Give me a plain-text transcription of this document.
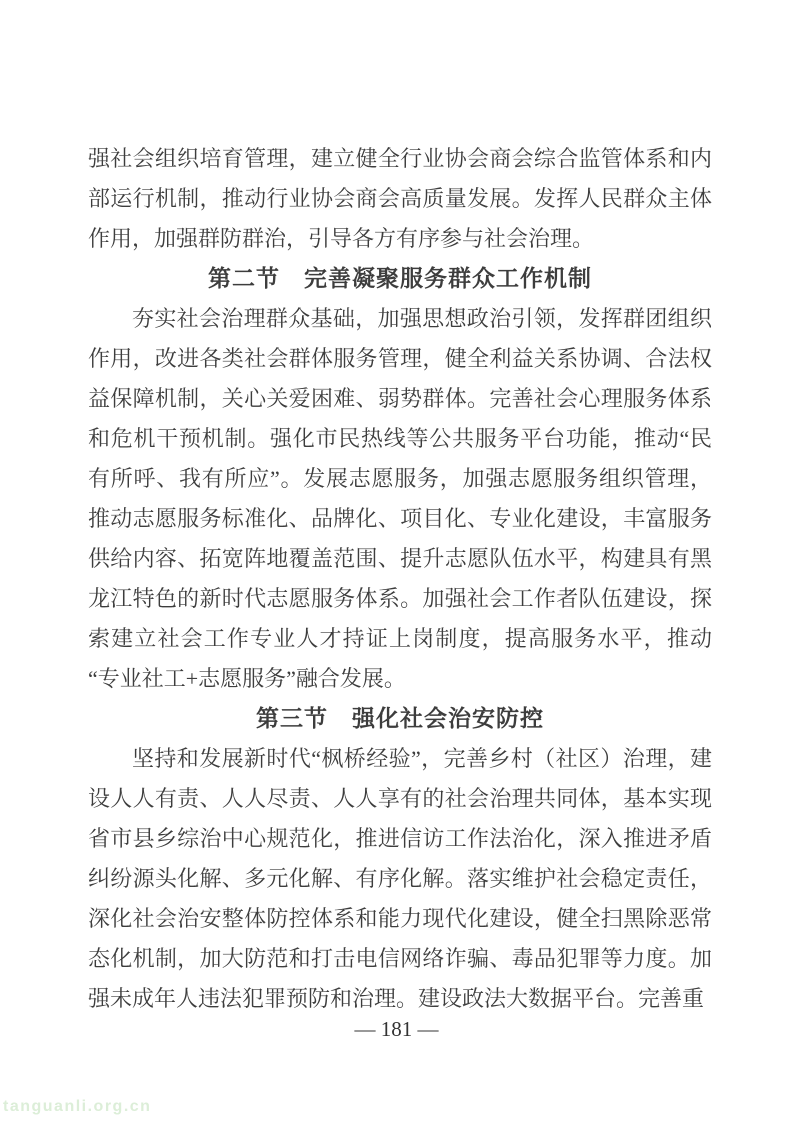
强社会组织培育管理，建立健全行业协会商会综合监管体系和内部运行机制，推动行业协会商会高质量发展。发挥人民群众主体作用，加强群防群治，引导各方有序参与社会治理。

第二节　完善凝聚服务群众工作机制

夯实社会治理群众基础，加强思想政治引领，发挥群团组织作用，改进各类社会群体服务管理，健全利益关系协调、合法权益保障机制，关心关爱困难、弱势群体。完善社会心理服务体系和危机干预机制。强化市民热线等公共服务平台功能，推动“民有所呼、我有所应”。发展志愿服务，加强志愿服务组织管理，推动志愿服务标准化、品牌化、项目化、专业化建设，丰富服务供给内容、拓宽阵地覆盖范围、提升志愿队伍水平，构建具有黑龙江特色的新时代志愿服务体系。加强社会工作者队伍建设，探索建立社会工作专业人才持证上岗制度，提高服务水平，推动“专业社工+志愿服务”融合发展。

第三节　强化社会治安防控

坚持和发展新时代“枫桥经验”，完善乡村（社区）治理，建设人人有责、人人尽责、人人享有的社会治理共同体，基本实现省市县乡综治中心规范化，推进信访工作法治化，深入推进矛盾纠纷源头化解、多元化解、有序化解。落实维护社会稳定责任，深化社会治安整体防控体系和能力现代化建设，健全扫黑除恶常态化机制，加大防范和打击电信网络诈骗、毒品犯罪等力度。加强未成年人违法犯罪预防和治理。建设政法大数据平台。完善重

— 181 —
tanguanli.org.cn
